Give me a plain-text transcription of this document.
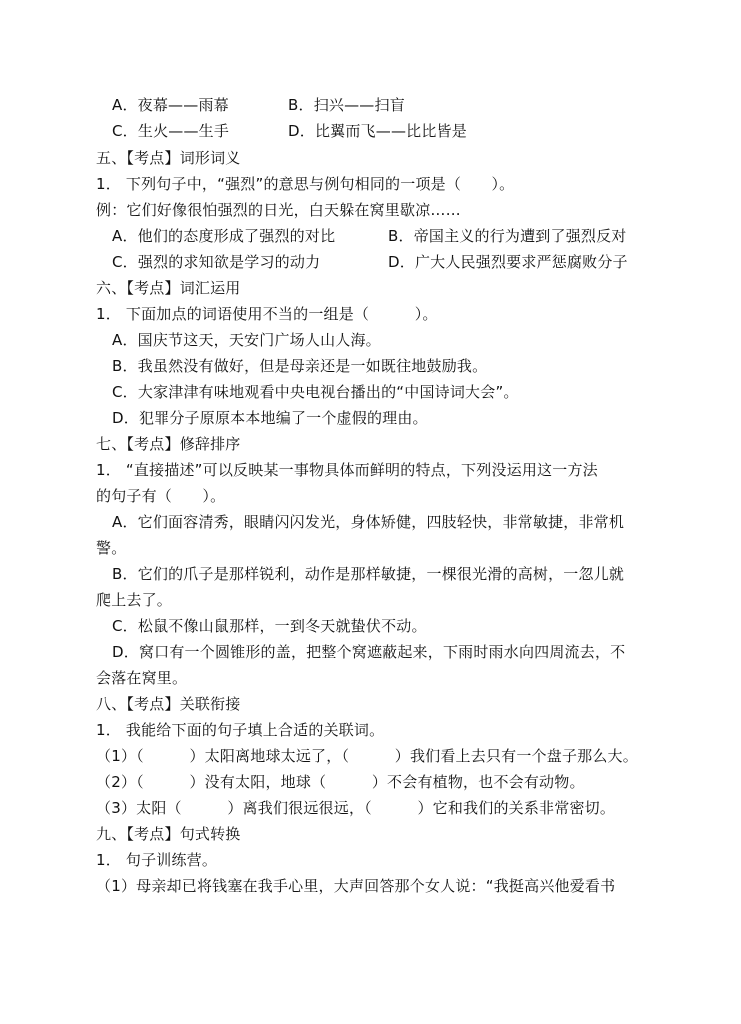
A．夜幕——雨幕	B．扫兴——扫盲
C．生火——生手	D．比翼而飞——比比皆是
五、【考点】词形词义
1． 下列句子中，“强烈”的意思与例句相同的一项是（　　）。
例：它们好像很怕强烈的日光，白天躲在窝里歇凉……
A．他们的态度形成了强烈的对比	B．帝国主义的行为遭到了强烈反对
C．强烈的求知欲是学习的动力	D．广大人民强烈要求严惩腐败分子
六、【考点】词汇运用
1． 下面加点的词语使用不当的一组是（　　　）。
A．国庆节这天，天安门广场人山人海。
B．我虽然没有做好，但是母亲还是一如既往地鼓励我。
C．大家津津有味地观看中央电视台播出的“中国诗词大会”。
D．犯罪分子原原本本地编了一个虚假的理由。
七、【考点】修辞排序
1． “直接描述”可以反映某一事物具体而鲜明的特点，下列没运用这一方法
的句子有（　　）。
A．它们面容清秀，眼睛闪闪发光，身体矫健，四肢轻快，非常敏捷，非常机
警。
B．它们的爪子是那样锐利，动作是那样敏捷，一棵很光滑的高树，一忽儿就
爬上去了。
C．松鼠不像山鼠那样，一到冬天就蛰伏不动。
D．窝口有一个圆锥形的盖，把整个窝遮蔽起来，下雨时雨水向四周流去，不
会落在窝里。
八、【考点】关联衔接
1． 我能给下面的句子填上合适的关联词。
（1）（　　　）太阳离地球太远了，（　　　）我们看上去只有一个盘子那么大。
（2）（　　　）没有太阳，地球（　　　）不会有植物，也不会有动物。
（3）太阳（　　　）离我们很远很远，（　　　）它和我们的关系非常密切。
九、【考点】句式转换
1． 句子训练营。
（1）母亲却已将钱塞在我手心里，大声回答那个女人说：“我挺高兴他爱看书
